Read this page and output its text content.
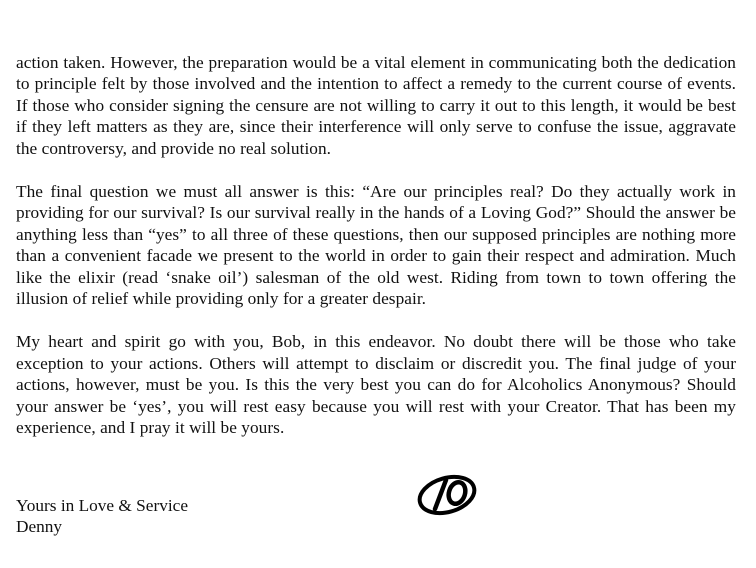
action taken. However, the preparation would be a vital element in communicating both the dedication to principle felt by those involved and the intention to affect a remedy to the current course of events. If those who consider signing the censure are not willing to carry it out to this length, it would be best if they left matters as they are, since their interference will only serve to confuse the issue, aggravate the controversy, and provide no real solution.

The final question we must all answer is this: “Are our principles real? Do they actually work in providing for our survival? Is our survival really in the hands of a Loving God?” Should the answer be anything less than “yes” to all three of these questions, then our supposed principles are nothing more than a convenient facade we present to the world in order to gain their respect and admiration. Much like the elixir (read ‘snake oil’) salesman of the old west. Riding from town to town offering the illusion of relief while providing only for a greater despair.

My heart and spirit go with you, Bob, in this endeavor. No doubt there will be those who take exception to your actions. Others will attempt to disclaim or discredit you. The final judge of your actions, however, must be you. Is this the very best you can do for Alcoholics Anonymous? Should your answer be ‘yes’, you will rest easy because you will rest with your Creator. That has been my experience, and I pray it will be yours.

Yours in Love & Service
Denny
